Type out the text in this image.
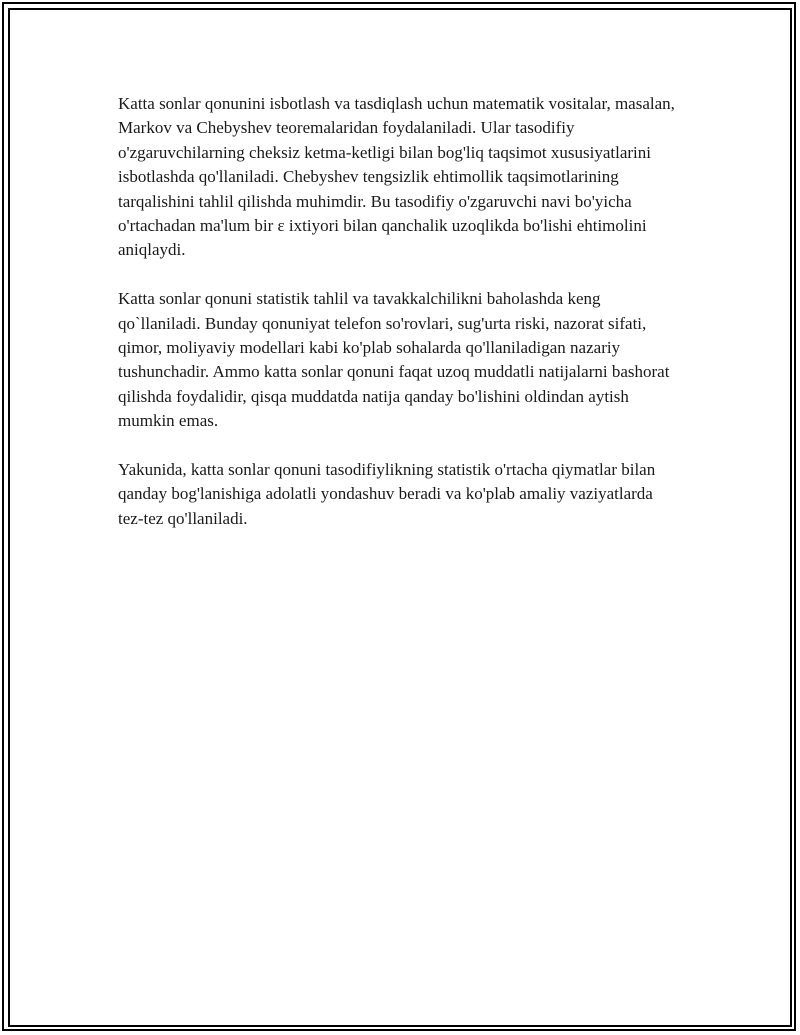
Katta sonlar qonunini isbotlash va tasdiqlash uchun matematik vositalar, masalan, Markov va Chebyshev teoremalaridan foydalaniladi. Ular tasodifiy o'zgaruvchilarning cheksiz ketma-ketligi bilan bog'liq taqsimot xususiyatlarini isbotlashda qo'llaniladi. Chebyshev tengsizlik ehtimollik taqsimotlarining tarqalishini tahlil qilishda muhimdir. Bu tasodifiy o'zgaruvchi navi bo'yicha o'rtachadan ma'lum bir ε ixtiyori bilan qanchalik uzoqlikda bo'lishi ehtimolini aniqlaydi.

Katta sonlar qonuni statistik tahlil va tavakkalchilikni baholashda keng qo`llaniladi. Bunday qonuniyat telefon so'rovlari, sug'urta riski, nazorat sifati, qimor, moliyaviy modellari kabi ko'plab sohalarda qo'llaniladigan nazariy tushunchadir. Ammo katta sonlar qonuni faqat uzoq muddatli natijalarni bashorat qilishda foydalidir, qisqa muddatda natija qanday bo'lishini oldindan aytish mumkin emas.

Yakunida, katta sonlar qonuni tasodifiylikning statistik o'rtacha qiymatlar bilan qanday bog'lanishiga adolatli yondashuv beradi va ko'plab amaliy vaziyatlarda tez-tez qo'llaniladi.
